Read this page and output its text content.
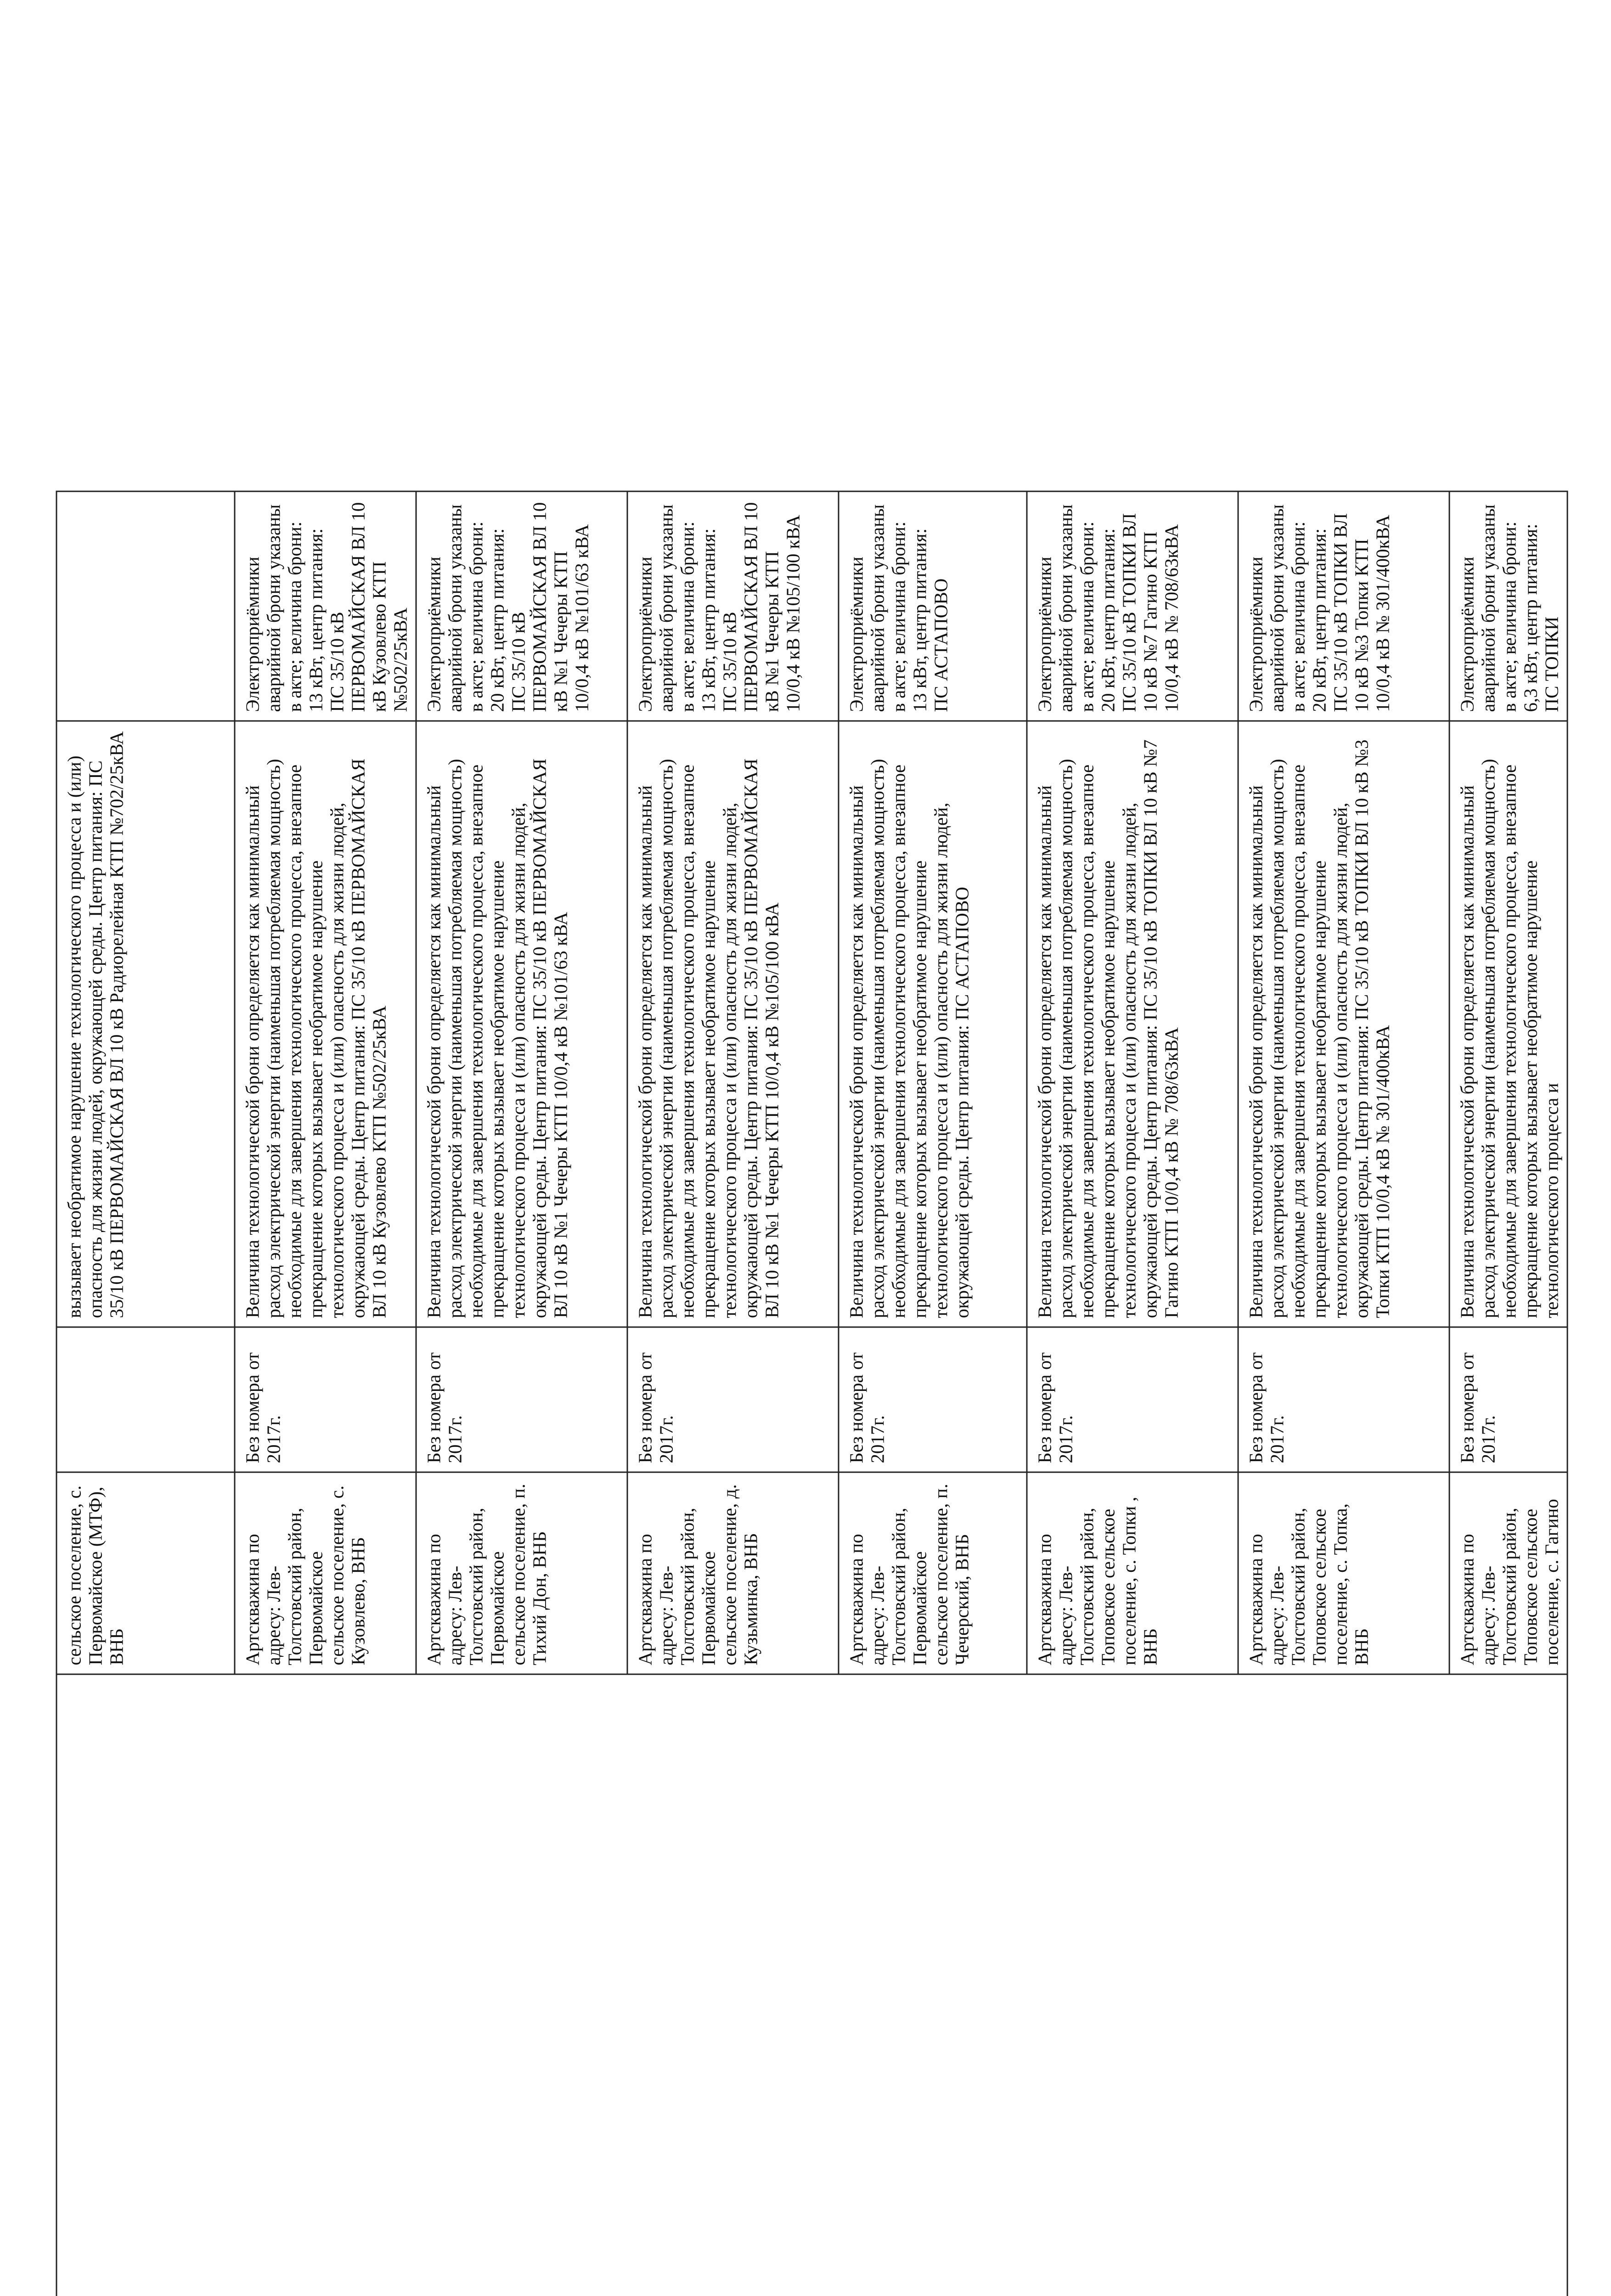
			сельское поселение, с. Первомайское (МТФ), ВНБ		вызывает необратимое нарушение технологического процесса и (или) опасность для жизни людей, окружающей среды. Центр питания: ПС 35/10 кВ ПЕРВОМАЙСКАЯ ВЛ 10 кВ Радиорелейная КТП №702/25кВА	

			Артскважина по адресу: Лев-Толстовский район, Первомайское сельское поселение, с. Кузовлево, ВНБ	Без номера от 2017г.	Величина технологической брони определяется как минимальный расход электрической энергии (наименьшая потребляемая мощность) необходимые для завершения технологического процесса, внезапное прекращение которых вызывает необратимое нарушение технологического процесса и (или) опасность для жизни людей, окружающей среды. Центр питания: ПС 35/10 кВ ПЕРВОМАЙСКАЯ ВЛ 10 кВ Кузовлево КТП №502/25кВА	Электроприёмники аварийной брони указаны в акте; величина брони: 13 кВт, центр питания: ПС 35/10 кВ ПЕРВОМАЙСКАЯ ВЛ 10 кВ Кузовлево КТП №502/25кВА

			Артскважина по адресу: Лев-Толстовский район, Первомайское сельское поселение, п. Тихий Дон, ВНБ	Без номера от 2017г.	Величина технологической брони определяется как минимальный расход электрической энергии (наименьшая потребляемая мощность) необходимые для завершения технологического процесса, внезапное прекращение которых вызывает необратимое нарушение технологического процесса и (или) опасность для жизни людей, окружающей среды. Центр питания: ПС 35/10 кВ ПЕРВОМАЙСКАЯ ВЛ 10 кВ №1 Чечеры КТП 10/0,4 кВ №101/63 кВА	Электроприёмники аварийной брони указаны в акте; величина брони: 20 кВт, центр питания: ПС 35/10 кВ ПЕРВОМАЙСКАЯ ВЛ 10 кВ №1 Чечеры КТП 10/0,4 кВ №101/63 кВА

			Артскважина по адресу: Лев-Толстовский район, Первомайское сельское поселение, д. Кузьминка, ВНБ	Без номера от 2017г.	Величина технологической брони определяется как минимальный расход электрической энергии (наименьшая потребляемая мощность) необходимые для завершения технологического процесса, внезапное прекращение которых вызывает необратимое нарушение технологического процесса и (или) опасность для жизни людей, окружающей среды. Центр питания: ПС 35/10 кВ ПЕРВОМАЙСКАЯ ВЛ 10 кВ №1 Чечеры КТП 10/0,4 кВ №105/100 кВА	Электроприёмники аварийной брони указаны в акте; величина брони: 13 кВт, центр питания: ПС 35/10 кВ ПЕРВОМАЙСКАЯ ВЛ 10 кВ №1 Чечеры КТП 10/0,4 кВ №105/100 кВА

			Артскважина по адресу: Лев-Толстовский район, Первомайское сельское поселение, п. Чечерский, ВНБ	Без номера от 2017г.	Величина технологической брони определяется как минимальный расход электрической энергии (наименьшая потребляемая мощность) необходимые для завершения технологического процесса, внезапное прекращение которых вызывает необратимое нарушение технологического процесса и (или) опасность для жизни людей, окружающей среды. Центр питания: ПС АСТАПОВО	Электроприёмники аварийной брони указаны в акте; величина брони: 13 кВт, центр питания: ПС АСТАПОВО

			Артскважина по адресу: Лев-Толстовский район, Топовское сельское поселение, с. Топки , ВНБ	Без номера от 2017г.	Величина технологической брони определяется как минимальный расход электрической энергии (наименьшая потребляемая мощность) необходимые для завершения технологического процесса, внезапное прекращение которых вызывает необратимое нарушение технологического процесса и (или) опасность для жизни людей, окружающей среды. Центр питания: ПС 35/10 кВ ТОПКИ ВЛ 10 кВ №7 Гагино КТП 10/0,4 кВ № 708/63кВА	Электроприёмники аварийной брони указаны в акте; величина брони: 20 кВт, центр питания: ПС 35/10 кВ ТОПКИ ВЛ 10 кВ №7 Гагино КТП 10/0,4 кВ № 708/63кВА

			Артскважина по адресу: Лев-Толстовский район, Топовское сельское поселение, с. Топка, ВНБ	Без номера от 2017г.	Величина технологической брони определяется как минимальный расход электрической энергии (наименьшая потребляемая мощность) необходимые для завершения технологического процесса, внезапное прекращение которых вызывает необратимое нарушение технологического процесса и (или) опасность для жизни людей, окружающей среды. Центр питания: ПС 35/10 кВ ТОПКИ ВЛ 10 кВ №3 Топки КТП 10/0,4 кВ № 301/400кВА	Электроприёмники аварийной брони указаны в акте; величина брони: 20 кВт, центр питания: ПС 35/10 кВ ТОПКИ ВЛ 10 кВ №3 Топки КТП 10/0,4 кВ № 301/400кВА

			Артскважина по адресу: Лев-Толстовский район, Топовское сельское поселение, с. Гагино	Без номера от 2017г.	Величина технологической брони определяется как минимальный расход электрической энергии (наименьшая потребляемая мощность) необходимые для завершения технологического процесса, внезапное прекращение которых вызывает необратимое нарушение технологического процесса и	Электроприёмники аварийной брони указаны в акте; величина брони: 6,3 кВт, центр питания: ПС ТОПКИ
